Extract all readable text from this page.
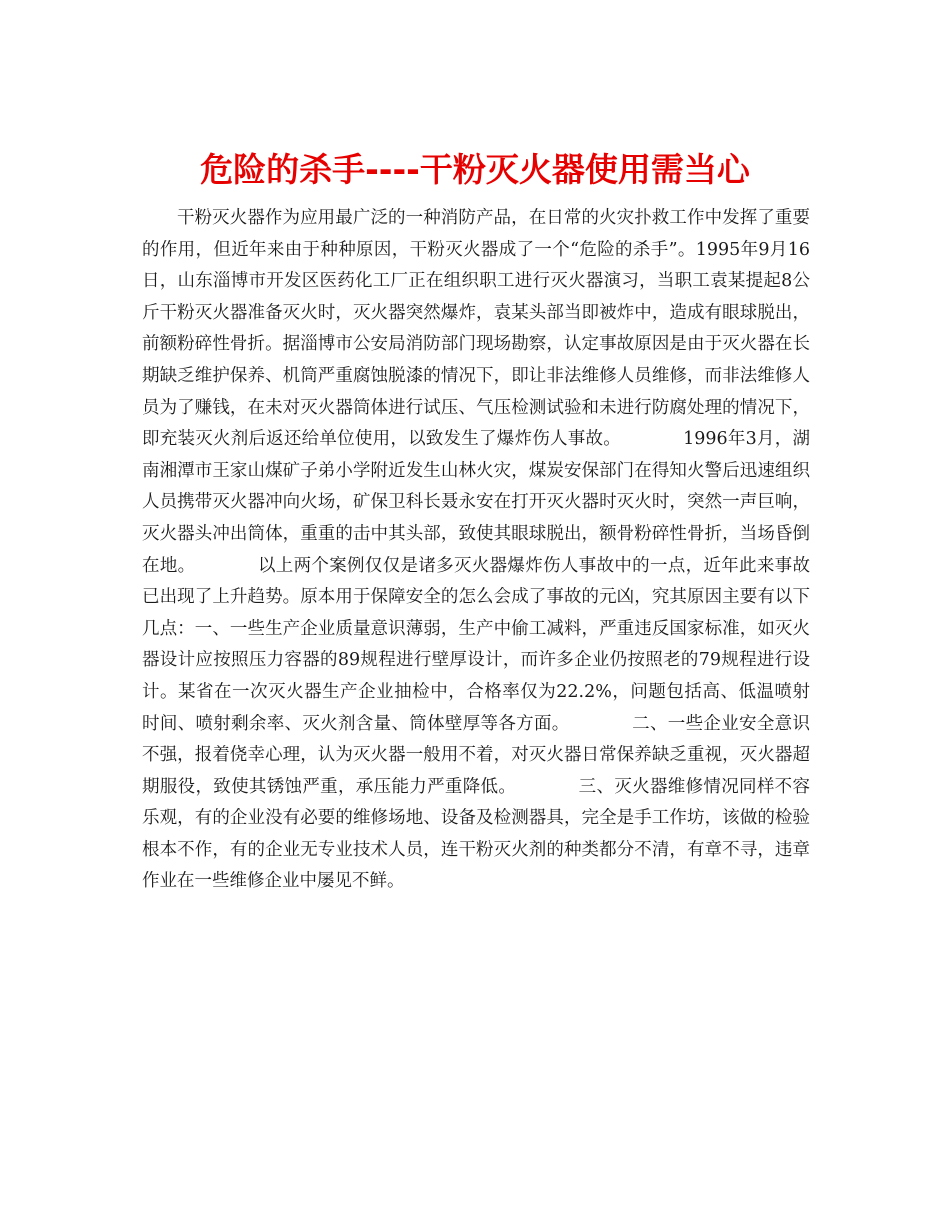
危险的杀手----干粉灭火器使用需当心

干粉灭火器作为应用最广泛的一种消防产品，在日常的火灾扑救工作中发挥了重要的作用，但近年来由于种种原因，干粉灭火器成了一个“危险的杀手”。1995年9月16日，山东淄博市开发区医药化工厂正在组织职工进行灭火器演习，当职工袁某提起8公斤干粉灭火器准备灭火时，灭火器突然爆炸，袁某头部当即被炸中，造成有眼球脱出，前额粉碎性骨折。据淄博市公安局消防部门现场勘察，认定事故原因是由于灭火器在长期缺乏维护保养、机筒严重腐蚀脱漆的情况下，即让非法维修人员维修，而非法维修人员为了赚钱，在未对灭火器筒体进行试压、气压检测试验和未进行防腐处理的情况下，即充装灭火剂后返还给单位使用，以致发生了爆炸伤人事故。　　　　1996年3月，湖南湘潭市王家山煤矿子弟小学附近发生山林火灾，煤炭安保部门在得知火警后迅速组织人员携带灭火器冲向火场，矿保卫科长聂永安在打开灭火器时灭火时，突然一声巨响，灭火器头冲出筒体，重重的击中其头部，致使其眼球脱出，额骨粉碎性骨折，当场昏倒在地。　　　　以上两个案例仅仅是诸多灭火器爆炸伤人事故中的一点，近年此来事故已出现了上升趋势。原本用于保障安全的怎么会成了事故的元凶，究其原因主要有以下几点：一、一些生产企业质量意识薄弱，生产中偷工减料，严重违反国家标准，如灭火器设计应按照压力容器的89规程进行壁厚设计，而许多企业仍按照老的79规程进行设计。某省在一次灭火器生产企业抽检中，合格率仅为22.2%，问题包括高、低温喷射时间、喷射剩余率、灭火剂含量、筒体壁厚等各方面。　　　　二、一些企业安全意识不强，报着侥幸心理，认为灭火器一般用不着，对灭火器日常保养缺乏重视，灭火器超期服役，致使其锈蚀严重，承压能力严重降低。　　　　三、灭火器维修情况同样不容乐观，有的企业没有必要的维修场地、设备及检测器具，完全是手工作坊，该做的检验根本不作，有的企业无专业技术人员，连干粉灭火剂的种类都分不清，有章不寻，违章作业在一些维修企业中屡见不鲜。
